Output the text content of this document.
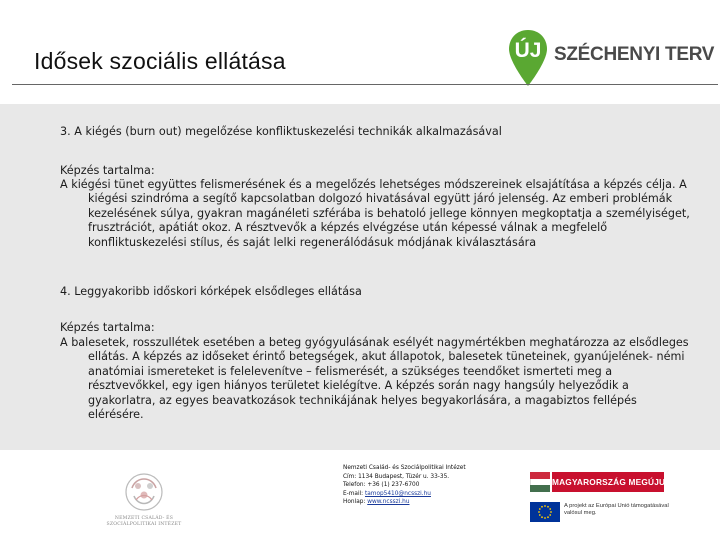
Idősek szociális ellátása	ÚJ SZÉCHENYI TERV

3. A kiégés (burn out) megelőzése konfliktuskezelési technikák alkalmazásával

Képzés tartalma:

A kiégési tünet együttes felismerésének és a megelőzés lehetséges módszereinek elsajátítása a képzés célja. A kiégési szindróma a segítő kapcsolatban dolgozó hivatásával együtt járó jelenség. Az emberi problémák kezelésének súlya, gyakran magánéleti szférába is behatoló jellege könnyen megkoptatja a személyiséget, frusztrációt, apátiát okoz. A résztvevők a képzés elvégzése után képessé válnak a megfelelő konfliktuskezelési stílus, és saját lelki regenerálódásuk módjának kiválasztására

4. Leggyakoribb időskori kórképek elsődleges ellátása

Képzés tartalma:

A balesetek, rosszullétek esetében a beteg gyógyulásának esélyét nagymértékben meghatározza az elsődleges ellátás. A képzés az időseket érintő betegségek, akut állapotok, balesetek tüneteinek, gyanújelének- némi anatómiai ismereteket is felelevenítve – felismerését, a szükséges teendőket ismerteti meg a résztvevőkkel, egy igen hiányos területet kielégítve. A képzés során nagy hangsúly helyeződik a gyakorlatra, az egyes beavatkozások technikájának helyes begyakorlására, a magabiztos fellépés elérésére.

NEMZETI CSALÁD- ÉS SZOCIÁLPOLITIKAI INTÉZET
Nemzeti Család- és Szociálpolitikai Intézet
Cím: 1134 Budapest, Tüzér u. 33-35.
Telefon: +36 (1) 237-6700
E-mail: tamop5410@ncsszi.hu
Honlap: www.ncsszi.hu
MAGYARORSZÁG MEGÚJUL
A projekt az Európai Unió támogatásával valósul meg.
